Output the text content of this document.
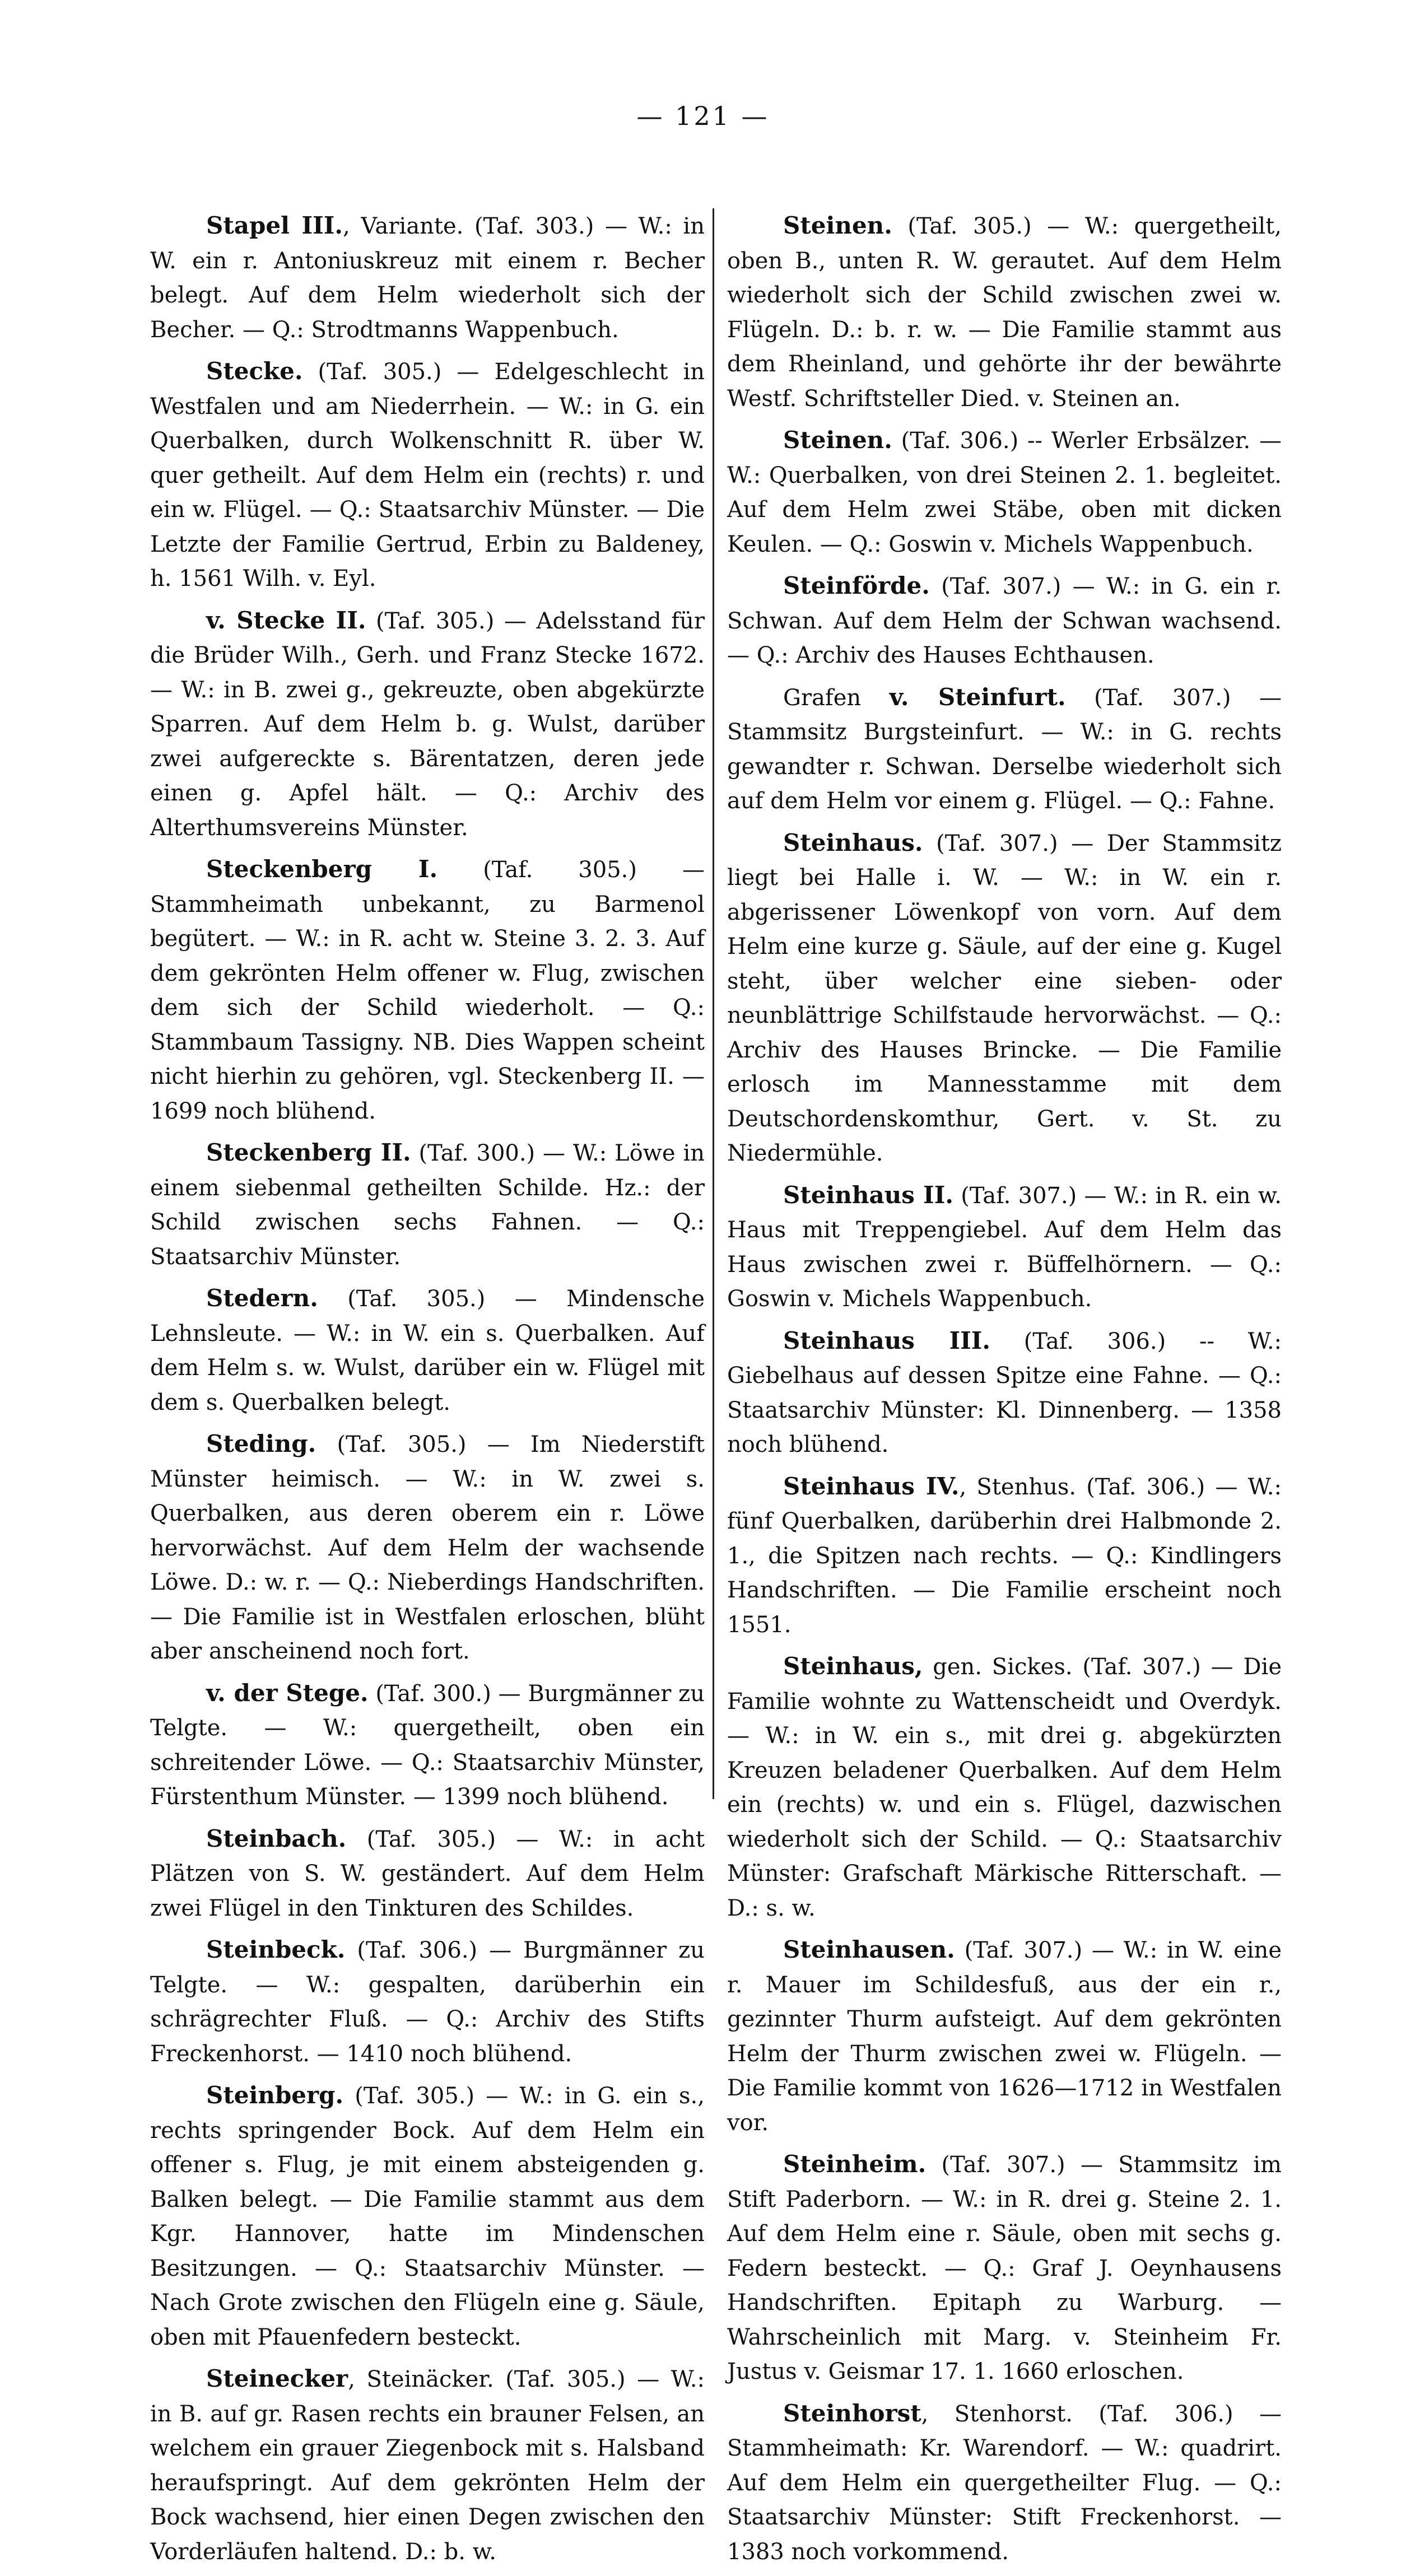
— 121 —

Stapel III., Variante. (Taf. 303.) — W.: in W. ein r. Antoniuskreuz mit einem r. Becher belegt. Auf dem Helm wiederholt sich der Becher. — Q.: Strodtmanns Wappenbuch.

Stecke. (Taf. 305.) — Edelgeschlecht in Westfalen und am Niederrhein. — W.: in G. ein Querbalken, durch Wolkenschnitt R. über W. quer getheilt. Auf dem Helm ein (rechts) r. und ein w. Flügel. — Q.: Staatsarchiv Münster. — Die Letzte der Familie Gertrud, Erbin zu Baldeney, h. 1561 Wilh. v. Eyl.

v. Stecke II. (Taf. 305.) — Adelsstand für die Brüder Wilh., Gerh. und Franz Stecke 1672. — W.: in B. zwei g., gekreuzte, oben abgekürzte Sparren. Auf dem Helm b. g. Wulst, darüber zwei aufgereckte s. Bärentatzen, deren jede einen g. Apfel hält. — Q.: Archiv des Alterthumsvereins Münster.

Steckenberg I. (Taf. 305.) — Stammheimath unbekannt, zu Barmenol begütert. — W.: in R. acht w. Steine 3. 2. 3. Auf dem gekrönten Helm offener w. Flug, zwischen dem sich der Schild wiederholt. — Q.: Stammbaum Tassigny. NB. Dies Wappen scheint nicht hierhin zu gehören, vgl. Steckenberg II. — 1699 noch blühend.

Steckenberg II. (Taf. 300.) — W.: Löwe in einem siebenmal getheilten Schilde. Hz.: der Schild zwischen sechs Fahnen. — Q.: Staatsarchiv Münster.

Stedern. (Taf. 305.) — Mindensche Lehnsleute. — W.: in W. ein s. Querbalken. Auf dem Helm s. w. Wulst, darüber ein w. Flügel mit dem s. Querbalken belegt.

Steding. (Taf. 305.) — Im Niederstift Münster heimisch. — W.: in W. zwei s. Querbalken, aus deren oberem ein r. Löwe hervorwächst. Auf dem Helm der wachsende Löwe. D.: w. r. — Q.: Nieberdings Handschriften. — Die Familie ist in Westfalen erloschen, blüht aber anscheinend noch fort.

v. der Stege. (Taf. 300.) — Burgmänner zu Telgte. — W.: quergetheilt, oben ein schreitender Löwe. — Q.: Staatsarchiv Münster, Fürstenthum Münster. — 1399 noch blühend.

Steinbach. (Taf. 305.) — W.: in acht Plätzen von S. W. geständert. Auf dem Helm zwei Flügel in den Tinkturen des Schildes.

Steinbeck. (Taf. 306.) — Burgmänner zu Telgte. — W.: gespalten, darüberhin ein schrägrechter Fluß. — Q.: Archiv des Stifts Freckenhorst. — 1410 noch blühend.

Steinberg. (Taf. 305.) — W.: in G. ein s., rechts springender Bock. Auf dem Helm ein offener s. Flug, je mit einem absteigenden g. Balken belegt. — Die Familie stammt aus dem Kgr. Hannover, hatte im Mindenschen Besitzungen. — Q.: Staatsarchiv Münster. — Nach Grote zwischen den Flügeln eine g. Säule, oben mit Pfauenfedern besteckt.

Steinecker, Steinäcker. (Taf. 305.) — W.: in B. auf gr. Rasen rechts ein brauner Felsen, an welchem ein grauer Ziegenbock mit s. Halsband heraufspringt. Auf dem gekrönten Helm der Bock wachsend, hier einen Degen zwischen den Vorderläufen haltend. D.: b. w.

Steinen. (Taf. 305.) — W.: quergetheilt, oben B., unten R. W. gerautet. Auf dem Helm wiederholt sich der Schild zwischen zwei w. Flügeln. D.: b. r. w. — Die Familie stammt aus dem Rheinland, und gehörte ihr der bewährte Westf. Schriftsteller Died. v. Steinen an.

Steinen. (Taf. 306.) -- Werler Erbsälzer. — W.: Querbalken, von drei Steinen 2. 1. begleitet. Auf dem Helm zwei Stäbe, oben mit dicken Keulen. — Q.: Goswin v. Michels Wappenbuch.

Steinförde. (Taf. 307.) — W.: in G. ein r. Schwan. Auf dem Helm der Schwan wachsend. — Q.: Archiv des Hauses Echthausen.

Grafen v. Steinfurt. (Taf. 307.) — Stammsitz Burgsteinfurt. — W.: in G. rechts gewandter r. Schwan. Derselbe wiederholt sich auf dem Helm vor einem g. Flügel. — Q.: Fahne.

Steinhaus. (Taf. 307.) — Der Stammsitz liegt bei Halle i. W. — W.: in W. ein r. abgerissener Löwenkopf von vorn. Auf dem Helm eine kurze g. Säule, auf der eine g. Kugel steht, über welcher eine sieben- oder neunblättrige Schilfstaude hervorwächst. — Q.: Archiv des Hauses Brincke. — Die Familie erlosch im Mannesstamme mit dem Deutschordenskomthur, Gert. v. St. zu Niedermühle.

Steinhaus II. (Taf. 307.) — W.: in R. ein w. Haus mit Treppengiebel. Auf dem Helm das Haus zwischen zwei r. Büffelhörnern. — Q.: Goswin v. Michels Wappenbuch.

Steinhaus III. (Taf. 306.) -- W.: Giebelhaus auf dessen Spitze eine Fahne. — Q.: Staatsarchiv Münster: Kl. Dinnenberg. — 1358 noch blühend.

Steinhaus IV., Stenhus. (Taf. 306.) — W.: fünf Querbalken, darüberhin drei Halbmonde 2. 1., die Spitzen nach rechts. — Q.: Kindlingers Handschriften. — Die Familie erscheint noch 1551.

Steinhaus, gen. Sickes. (Taf. 307.) — Die Familie wohnte zu Wattenscheidt und Overdyk. — W.: in W. ein s., mit drei g. abgekürzten Kreuzen beladener Querbalken. Auf dem Helm ein (rechts) w. und ein s. Flügel, dazwischen wiederholt sich der Schild. — Q.: Staatsarchiv Münster: Grafschaft Märkische Ritterschaft. — D.: s. w.

Steinhausen. (Taf. 307.) — W.: in W. eine r. Mauer im Schildesfuß, aus der ein r., gezinnter Thurm aufsteigt. Auf dem gekrönten Helm der Thurm zwischen zwei w. Flügeln. — Die Familie kommt von 1626—1712 in Westfalen vor.

Steinheim. (Taf. 307.) — Stammsitz im Stift Paderborn. — W.: in R. drei g. Steine 2. 1. Auf dem Helm eine r. Säule, oben mit sechs g. Federn besteckt. — Q.: Graf J. Oeynhausens Handschriften. Epitaph zu Warburg. — Wahrscheinlich mit Marg. v. Steinheim Fr. Justus v. Geismar 17. 1. 1660 erloschen.

Steinhorst, Stenhorst. (Taf. 306.) — Stammheimath: Kr. Warendorf. — W.: quadrirt. Auf dem Helm ein quergetheilter Flug. — Q.: Staatsarchiv Münster: Stift Freckenhorst. — 1383 noch vorkommend.
